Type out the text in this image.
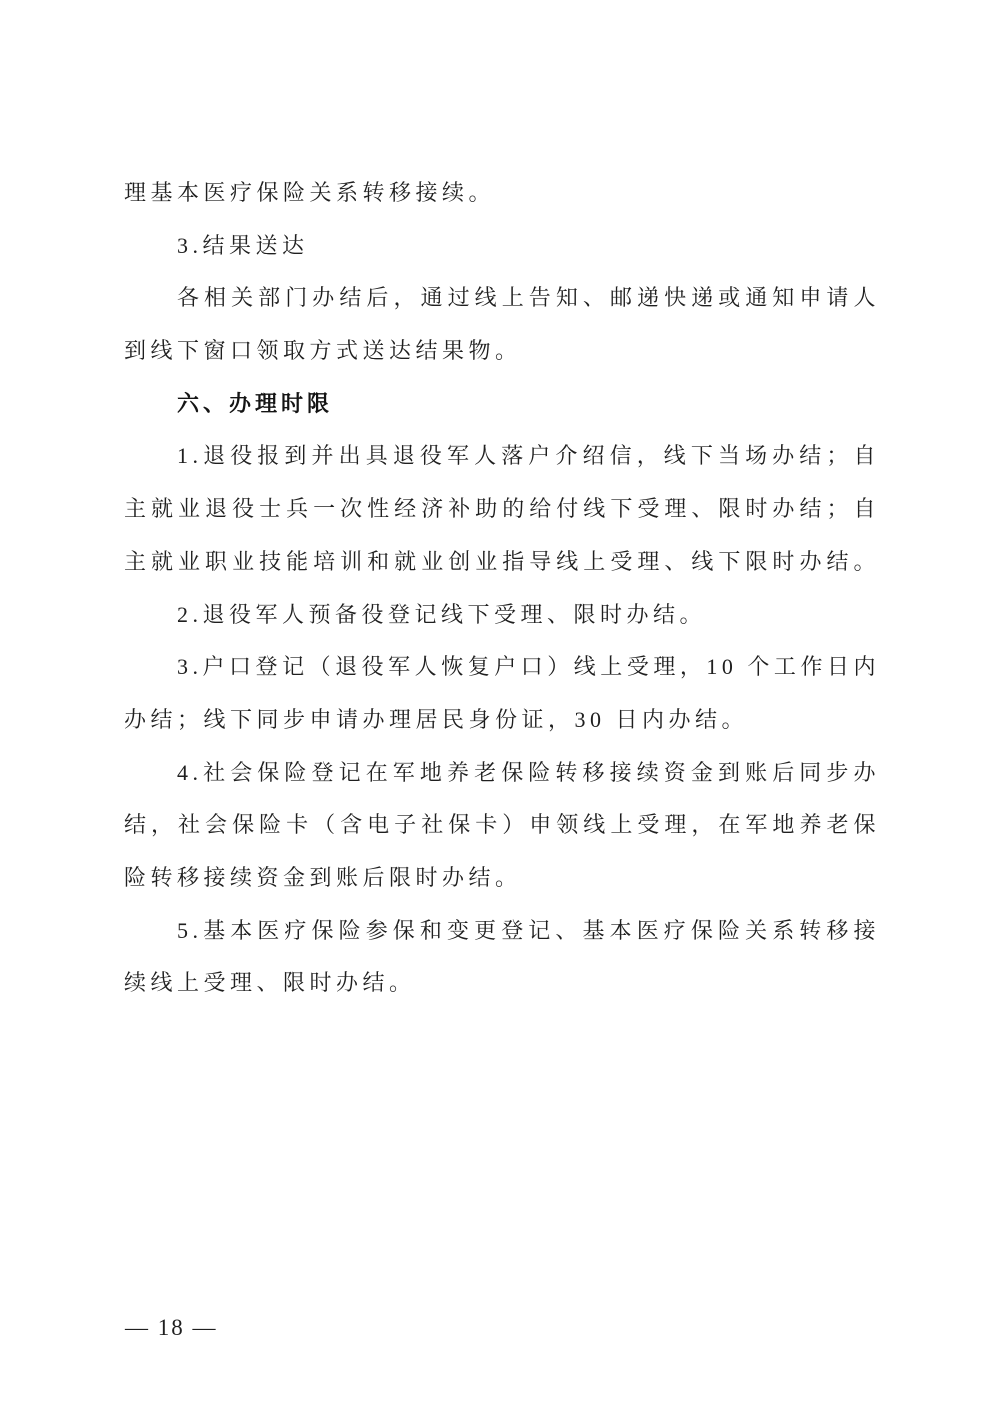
理基本医疗保险关系转移接续。
3.结果送达
各相关部门办结后，通过线上告知、邮递快递或通知申请人
到线下窗口领取方式送达结果物。
六、办理时限
1.退役报到并出具退役军人落户介绍信，线下当场办结；自
主就业退役士兵一次性经济补助的给付线下受理、限时办结；自
主就业职业技能培训和就业创业指导线上受理、线下限时办结。
2.退役军人预备役登记线下受理、限时办结。
3.户口登记（退役军人恢复户口）线上受理，10 个工作日内
办结；线下同步申请办理居民身份证，30 日内办结。
4.社会保险登记在军地养老保险转移接续资金到账后同步办
结，社会保险卡（含电子社保卡）申领线上受理，在军地养老保
险转移接续资金到账后限时办结。
5.基本医疗保险参保和变更登记、基本医疗保险关系转移接
续线上受理、限时办结。
— 18 —
